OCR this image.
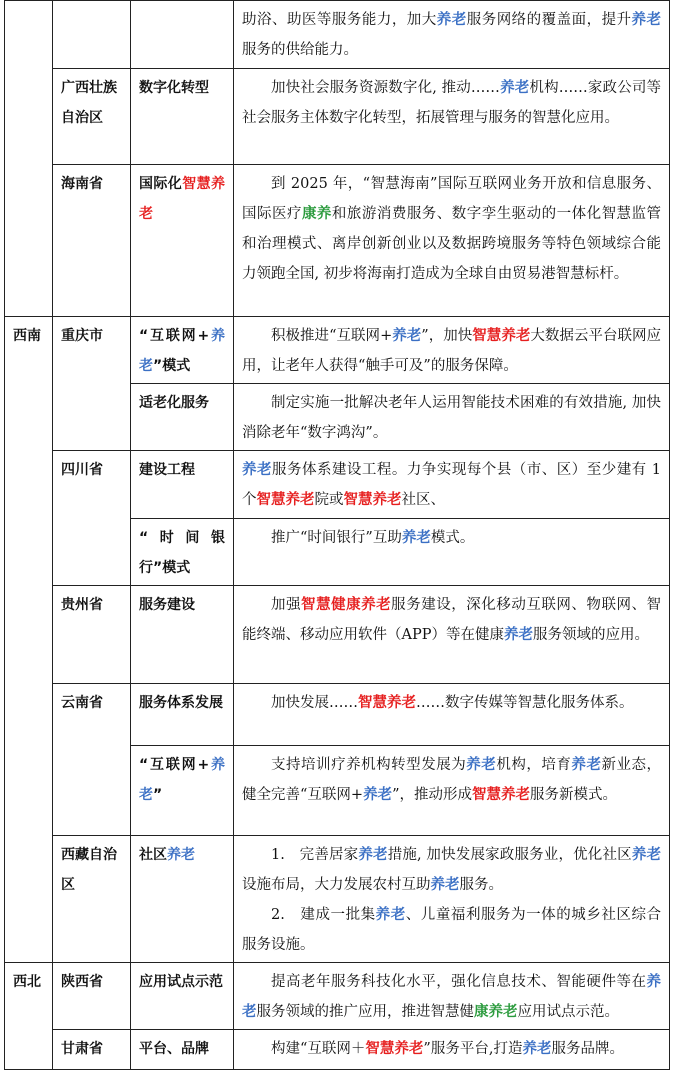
			助浴、助医等服务能力，加大养老服务网络的覆盖面，提升养老服务的供给能力。

	广西壮族自治区	数字化转型	加快社会服务资源数字化, 推动……养老机构……家政公司等社会服务主体数字化转型，拓展管理与服务的智慧化应用。

	海南省	国际化智慧养老	到 2025 年，“智慧海南”国际互联网业务开放和信息服务、国际医疗康养和旅游消费服务、数字孪生驱动的一体化智慧监管和治理模式、离岸创新创业以及数据跨境服务等特色领域综合能力领跑全国, 初步将海南打造成为全球自由贸易港智慧标杆。

西南	重庆市	“互联网+养老”模式	积极推进“互联网+养老”，加快智慧养老大数据云平台联网应用，让老年人获得“触手可及”的服务保障。

		适老化服务	制定实施一批解决老年人运用智能技术困难的有效措施, 加快消除老年“数字鸿沟”。

	四川省	建设工程	养老服务体系建设工程。力争实现每个县（市、区）至少建有 1 个智慧养老院或智慧养老社区、

		“时间银行”模式	推广“时间银行”互助养老模式。

	贵州省	服务建设	加强智慧健康养老服务建设，深化移动互联网、物联网、智能终端、移动应用软件（APP）等在健康养老服务领域的应用。

	云南省	服务体系发展	加快发展……智慧养老……数字传媒等智慧化服务体系。

		“互联网+养老”	支持培训疗养机构转型发展为养老机构，培育养老新业态，健全完善“互联网+养老”，推动形成智慧养老服务新模式。

	西藏自治区	社区养老	1.　完善居家养老措施, 加快发展家政服务业，优化社区养老设施布局，大力发展农村互助养老服务。

2.　建成一批集养老、儿童福利服务为一体的城乡社区综合服务设施。

西北	陕西省	应用试点示范	提高老年服务科技化水平，强化信息技术、智能硬件等在养老服务领域的推广应用，推进智慧健康养老应用试点示范。

	甘肃省	平台、品牌	构建“互联网＋智慧养老”服务平台,打造养老服务品牌。
